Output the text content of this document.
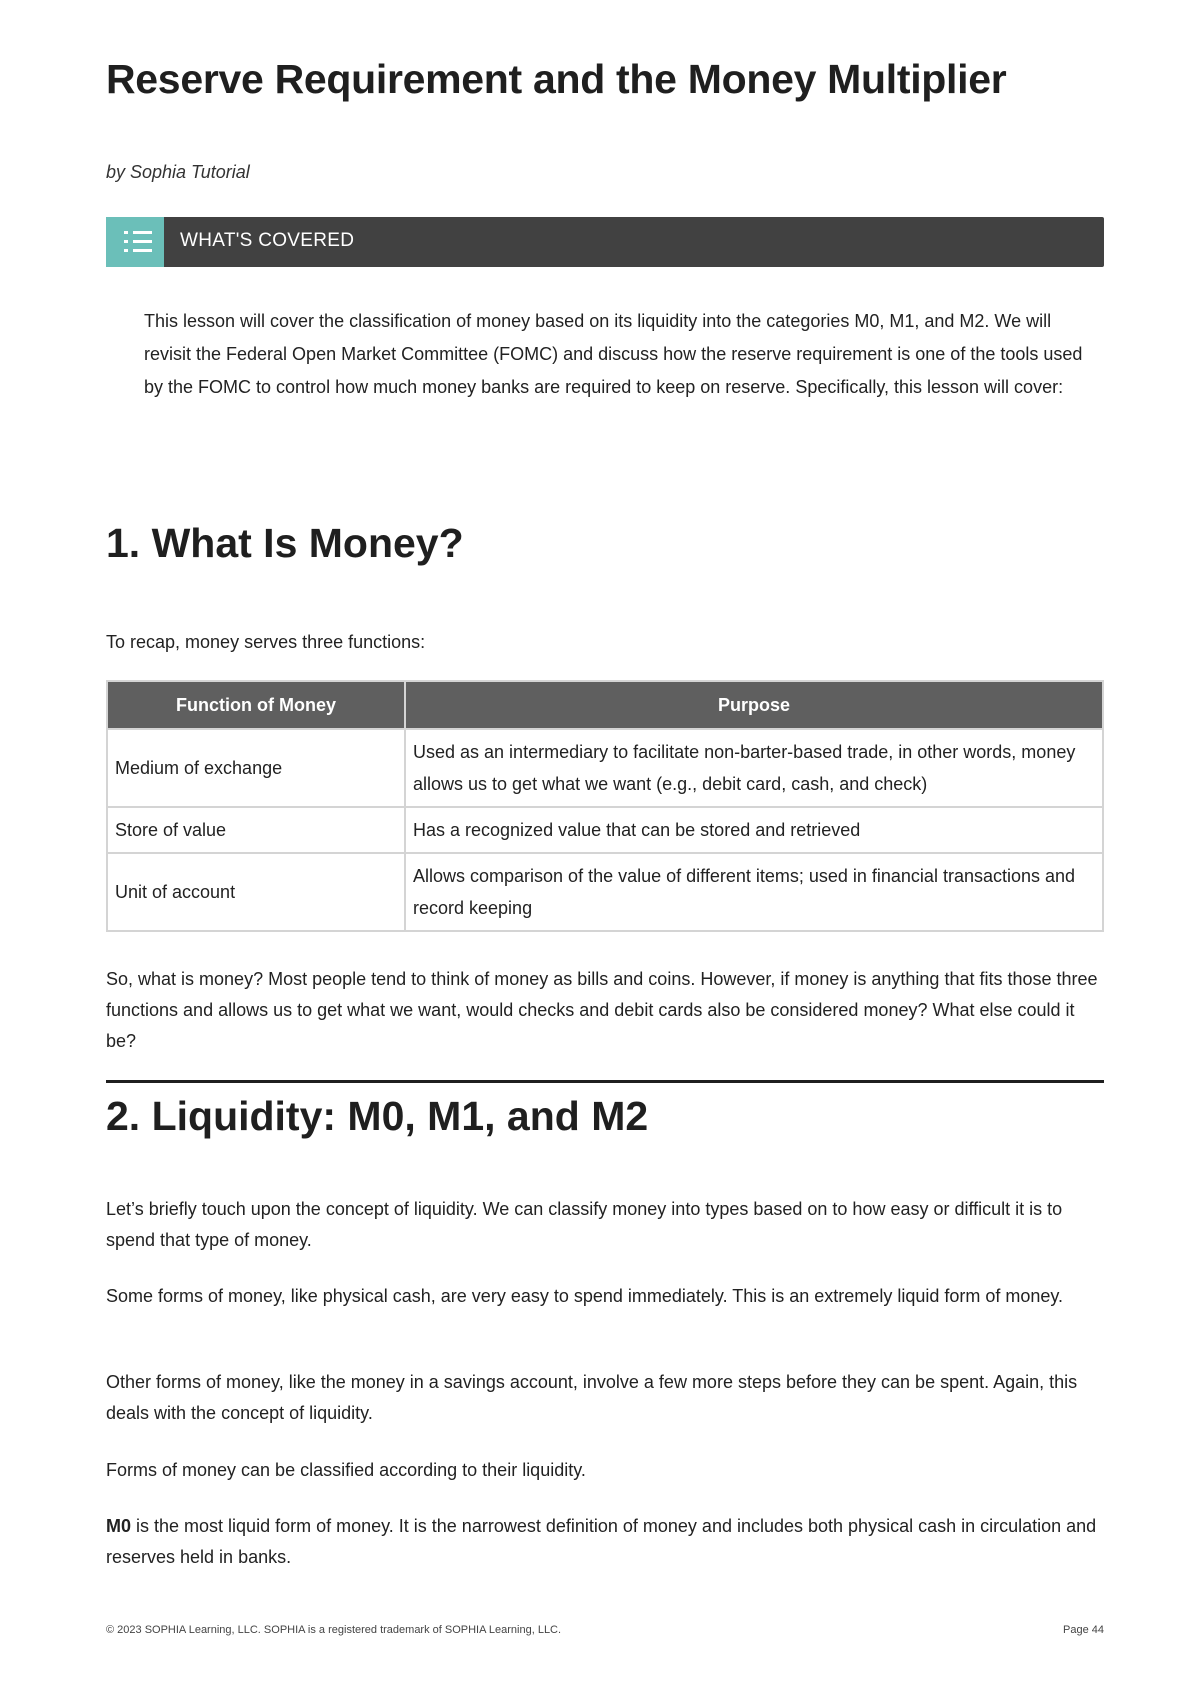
Reserve Requirement and the Money Multiplier

by Sophia Tutorial

WHAT'S COVERED

This lesson will cover the classification of money based on its liquidity into the categories M0, M1, and M2. We will revisit the Federal Open Market Committee (FOMC) and discuss how the reserve requirement is one of the tools used by the FOMC to control how much money banks are required to keep on reserve. Specifically, this lesson will cover:

1. What Is Money?

To recap, money serves three functions:

Function of Money	Purpose
Medium of exchange	Used as an intermediary to facilitate non-barter-based trade, in other words, money allows us to get what we want (e.g., debit card, cash, and check)
Store of value	Has a recognized value that can be stored and retrieved
Unit of account	Allows comparison of the value of different items; used in financial transactions and record keeping

So, what is money? Most people tend to think of money as bills and coins. However, if money is anything that fits those three functions and allows us to get what we want, would checks and debit cards also be considered money? What else could it be?

2. Liquidity: M0, M1, and M2

Let’s briefly touch upon the concept of liquidity. We can classify money into types based on to how easy or difficult it is to spend that type of money.

Some forms of money, like physical cash, are very easy to spend immediately. This is an extremely liquid form of money.

Other forms of money, like the money in a savings account, involve a few more steps before they can be spent. Again, this deals with the concept of liquidity.

Forms of money can be classified according to their liquidity.

M0 is the most liquid form of money. It is the narrowest definition of money and includes both physical cash in circulation and reserves held in banks.

© 2023 SOPHIA Learning, LLC. SOPHIA is a registered trademark of SOPHIA Learning, LLC.	Page 44
